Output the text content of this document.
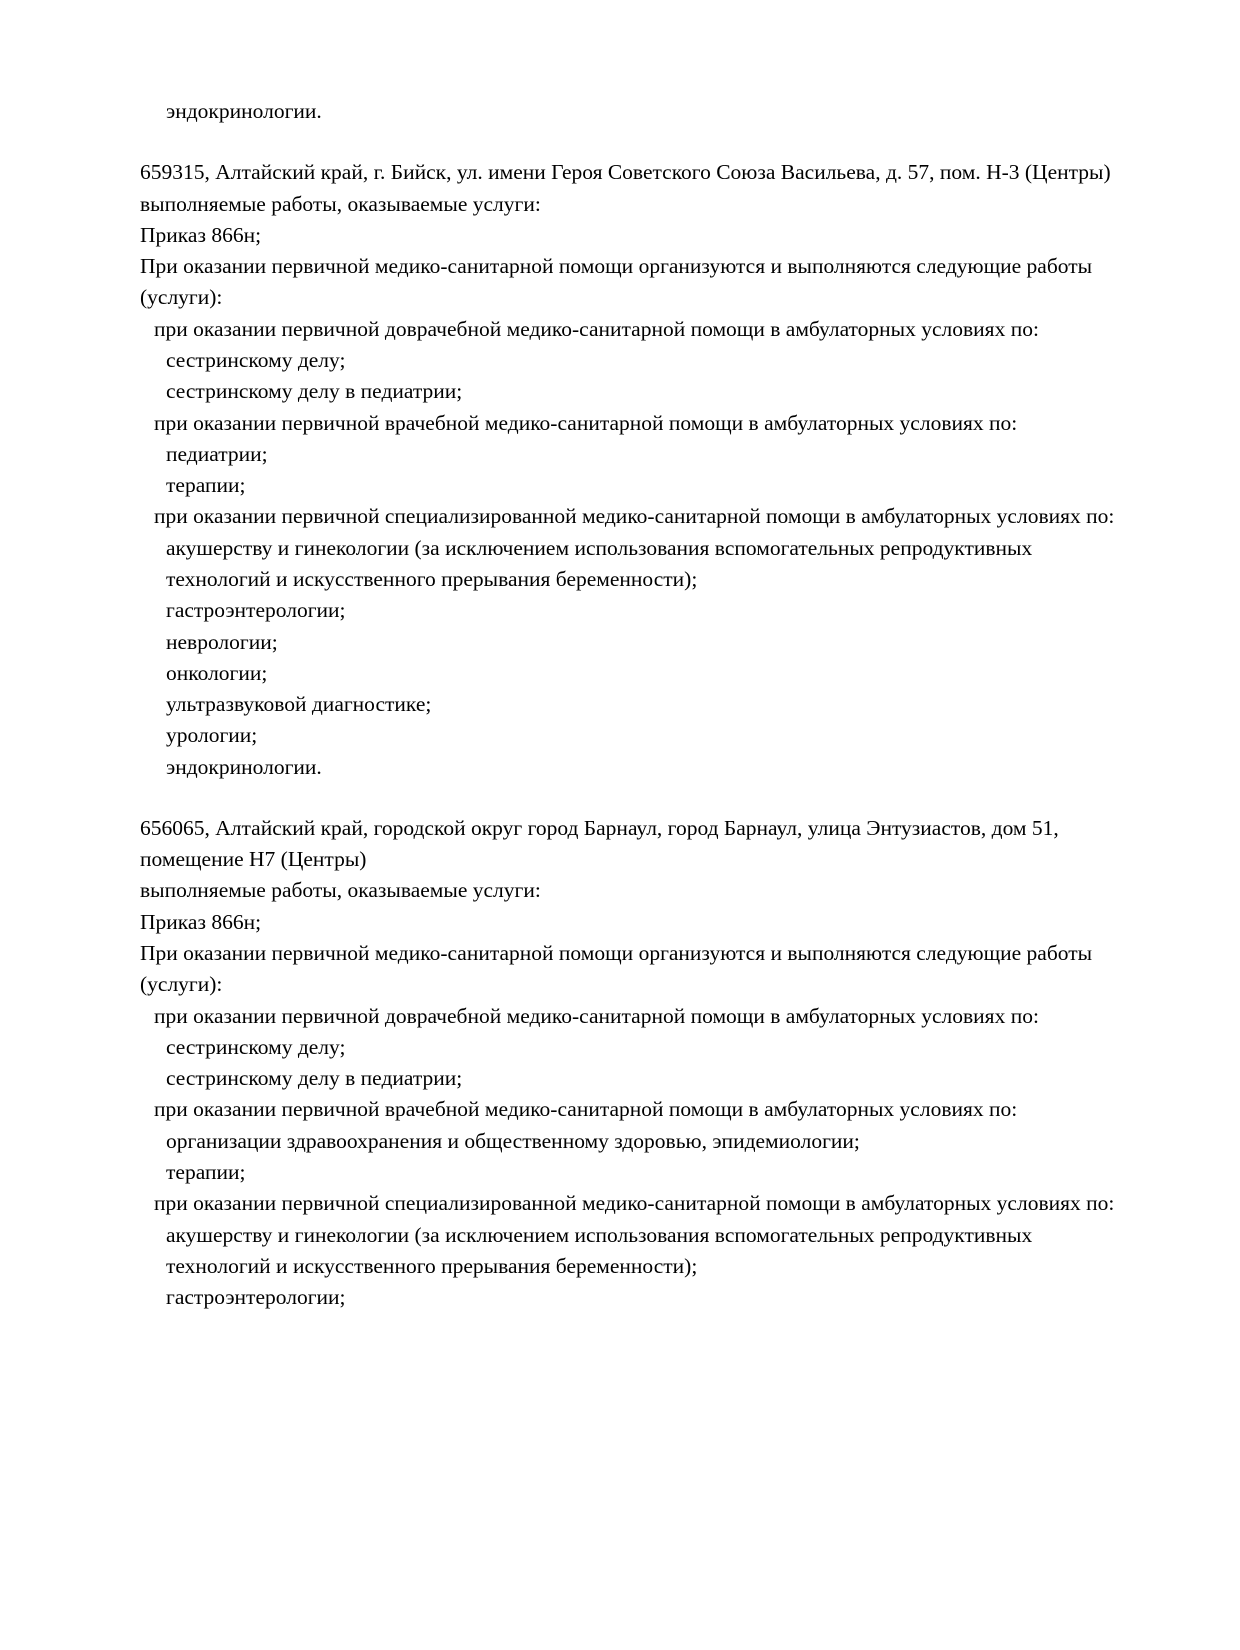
эндокринологии.

659315, Алтайский край, г. Бийск, ул. имени Героя Советского Союза Васильева, д. 57, пом. Н-3 (Центры)

выполняемые работы, оказываемые услуги:

Приказ 866н;

При оказании первичной медико-санитарной помощи организуются и выполняются следующие работы (услуги):

при оказании первичной доврачебной медико-санитарной помощи в амбулаторных условиях по:

сестринскому делу;

сестринскому делу в педиатрии;

при оказании первичной врачебной медико-санитарной помощи в амбулаторных условиях по:

педиатрии;

терапии;

при оказании первичной специализированной медико-санитарной помощи в амбулаторных условиях по:

акушерству и гинекологии (за исключением использования вспомогательных репродуктивных технологий и искусственного прерывания беременности);

гастроэнтерологии;

неврологии;

онкологии;

ультразвуковой диагностике;

урологии;

эндокринологии.

656065, Алтайский край, городской округ город Барнаул, город Барнаул, улица Энтузиастов, дом 51, помещение Н7 (Центры)

выполняемые работы, оказываемые услуги:

Приказ 866н;

При оказании первичной медико-санитарной помощи организуются и выполняются следующие работы (услуги):

при оказании первичной доврачебной медико-санитарной помощи в амбулаторных условиях по:

сестринскому делу;

сестринскому делу в педиатрии;

при оказании первичной врачебной медико-санитарной помощи в амбулаторных условиях по:

организации здравоохранения и общественному здоровью, эпидемиологии;

терапии;

при оказании первичной специализированной медико-санитарной помощи в амбулаторных условиях по:

акушерству и гинекологии (за исключением использования вспомогательных репродуктивных технологий и искусственного прерывания беременности);

гастроэнтерологии;
